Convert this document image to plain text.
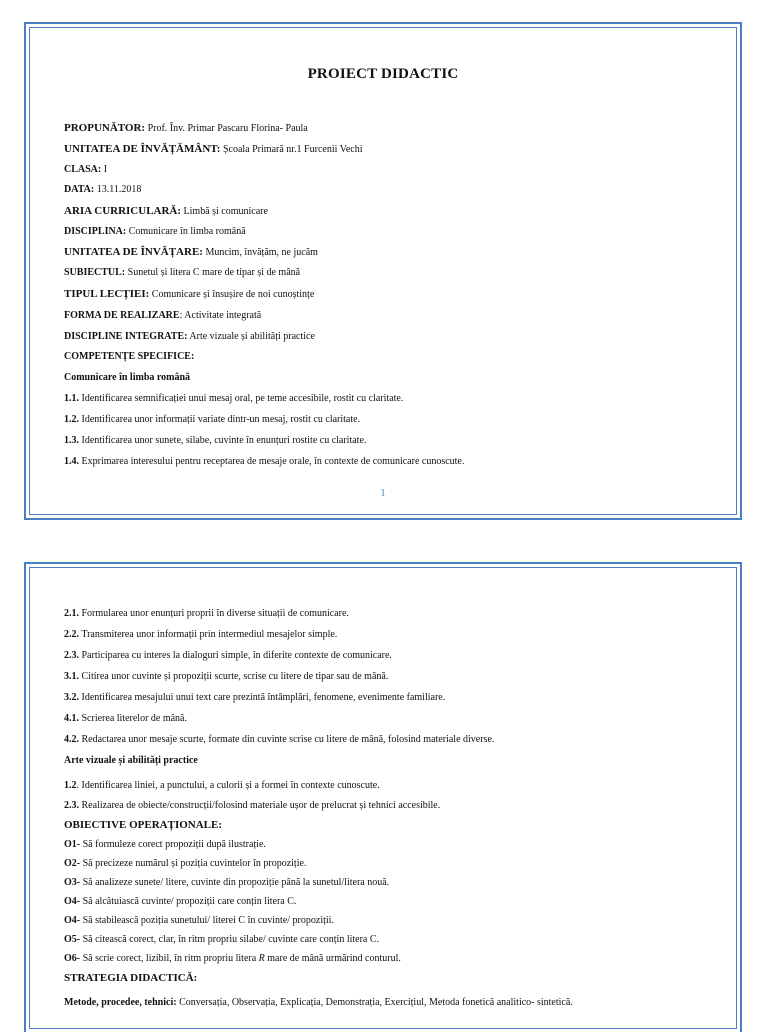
PROIECT DIDACTIC
PROPUNĂTOR: Prof. Înv. Primar Pascaru Florina- Paula
UNITATEA DE ÎNVĂȚĂMÂNT: Școala Primară nr.1 Furcenii Vechi
CLASA: I
DATA: 13.11.2018
ARIA CURRICULARĂ: Limbă și comunicare
DISCIPLINA: Comunicare în limba română
UNITATEA DE ÎNVĂȚARE: Muncim, învățăm, ne jucăm
SUBIECTUL: Sunetul și litera C mare de tipar și de mână
TIPUL LECȚIEI: Comunicare și însușire de noi cunoștințe
FORMA DE REALIZARE: Activitate integrată
DISCIPLINE INTEGRATE: Arte vizuale și abilități practice
COMPETENȚE SPECIFICE:
Comunicare în limba română
1.1. Identificarea semnificației unui mesaj oral, pe teme accesibile, rostit cu claritate.
1.2. Identificarea unor informații variate dintr-un mesaj, rostit cu claritate.
1.3. Identificarea unor sunete, silabe, cuvinte în enunțuri rostite cu claritate.
1.4. Exprimarea interesului pentru receptarea de mesaje orale, în contexte de comunicare cunoscute.
1
2.1. Formularea unor enunțuri proprii în diverse situații de comunicare.
2.2. Transmiterea unor informații prin intermediul mesajelor simple.
2.3. Participarea cu interes la dialoguri simple, în diferite contexte de comunicare.
3.1. Citirea unor cuvinte și propoziții scurte, scrise cu litere de tipar sau de mână.
3.2. Identificarea mesajului unui text care prezintă întâmplări, fenomene, evenimente familiare.
4.1. Scrierea literelor de mână.
4.2. Redactarea unor mesaje scurte, formate din cuvinte scrise cu litere de mână, folosind materiale diverse.
Arte vizuale și abilități practice
1.2. Identificarea liniei, a punctului, a culorii și a formei în contexte cunoscute.
2.3. Realizarea de obiecte/construcții/folosind materiale ușor de prelucrat și tehnici accesibile.
OBIECTIVE OPERAȚIONALE:
O1- Să formuleze corect propoziții după ilustrație.
O2- Să precizeze numărul și poziția cuvintelor în propoziție.
O3- Să analizeze sunete/ litere, cuvinte din propoziție până la sunetul/litera nouă.
O4- Să alcătuiască cuvinte/ propoziții care conțin litera C.
O4- Să stabilească poziția sunetului/ literei C în cuvinte/ propoziții.
O5- Să citească corect, clar, în ritm propriu silabe/ cuvinte care conțin litera C.
O6- Să scrie corect, lizibil, în ritm propriu litera R mare de mână urmărind conturul.
STRATEGIA DIDACTICĂ:
Metode, procedee, tehnici: Conversația, Observația, Explicația, Demonstrația, Exercițiul, Metoda fonetică analitico- sintetică.
